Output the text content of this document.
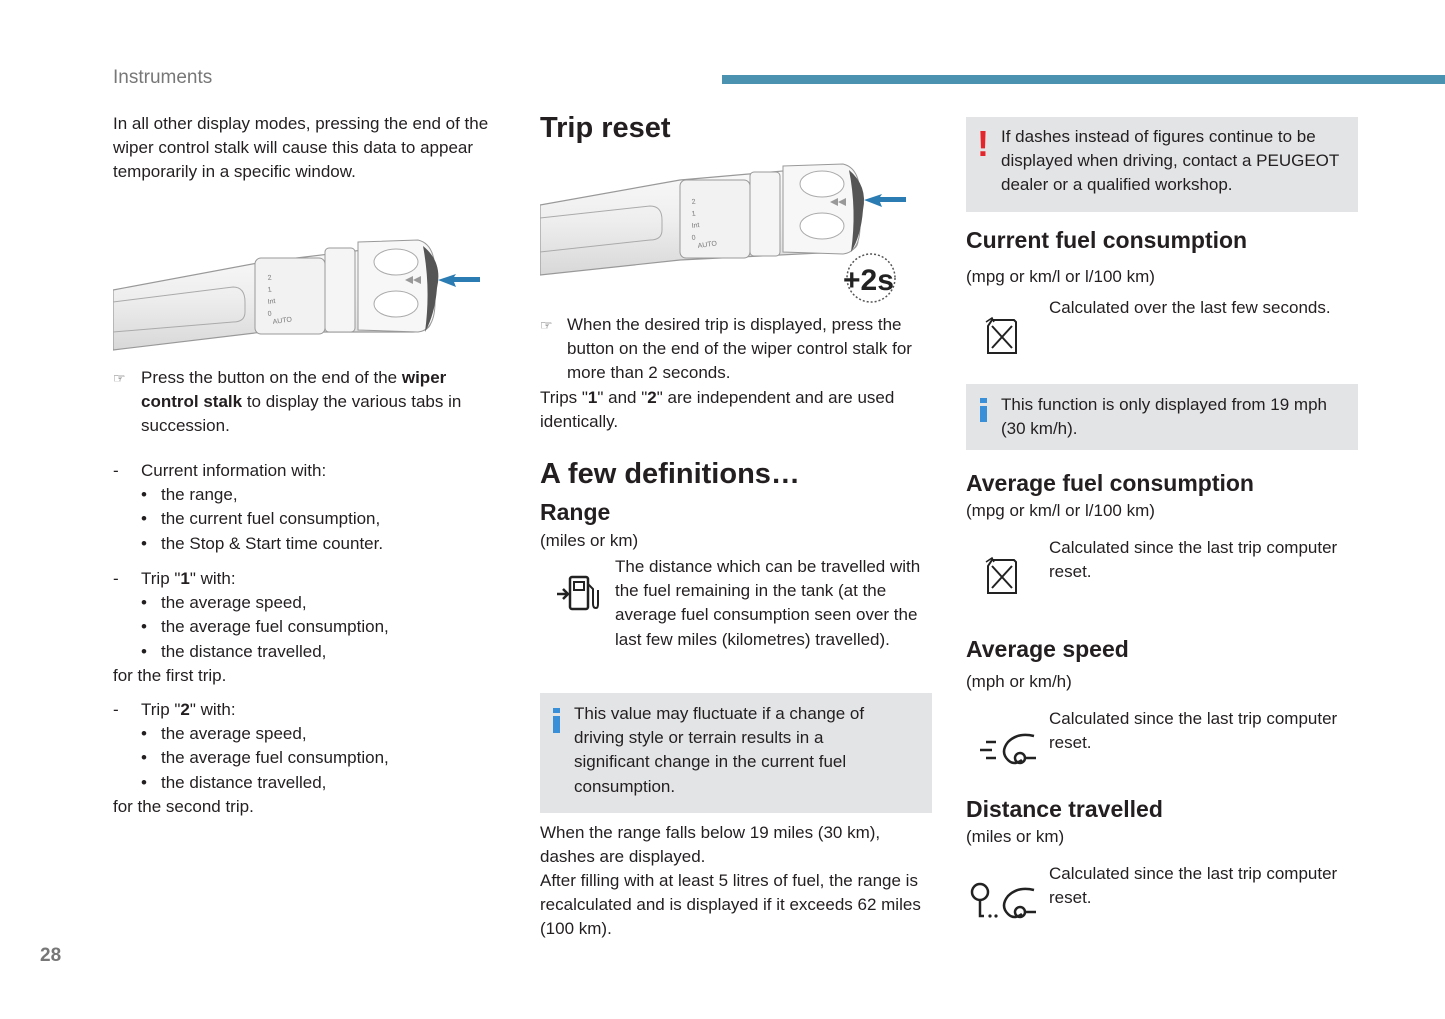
Instruments
28

In all other display modes, pressing the end of the wiper control stalk will cause this data to appear temporarily in a specific window.

2
1
Int
0
AUTO
☞ Press the button on the end of the wiper control stalk to display the various tabs in succession.
- Current information with:
• the range,
• the current fuel consumption,
• the Stop & Start time counter.
- Trip "1" with:
• the average speed,
• the average fuel consumption,
• the distance travelled,
for the first trip.
- Trip "2" with:
• the average speed,
• the average fuel consumption,
• the distance travelled,
for the second trip.
Trip reset
2
1
Int
0
AUTO
+2s
☞ When the desired trip is displayed, press the button on the end of the wiper control stalk for more than 2 seconds.

Trips "1" and "2" are independent and are used identically.

A few definitions…
Range

(miles or km)

The distance which can be travelled with the fuel remaining in the tank (at the average fuel consumption seen over the last few miles (kilometres) travelled).

This value may fluctuate if a change of driving style or terrain results in a significant change in the current fuel consumption.

When the range falls below 19 miles (30 km), dashes are displayed.

After filling with at least 5 litres of fuel, the range is recalculated and is displayed if it exceeds 62 miles (100 km).

! If dashes instead of figures continue to be displayed when driving, contact a PEUGEOT dealer or a qualified workshop.

Current fuel consumption

(mpg or km/l or l/100 km)

Calculated over the last few seconds.

This function is only displayed from 19 mph (30 km/h).

Average fuel consumption

(mpg or km/l or l/100 km)

Calculated since the last trip computer reset.

Average speed

(mph or km/h)

Calculated since the last trip computer reset.

Distance travelled

(miles or km)

Calculated since the last trip computer reset.
